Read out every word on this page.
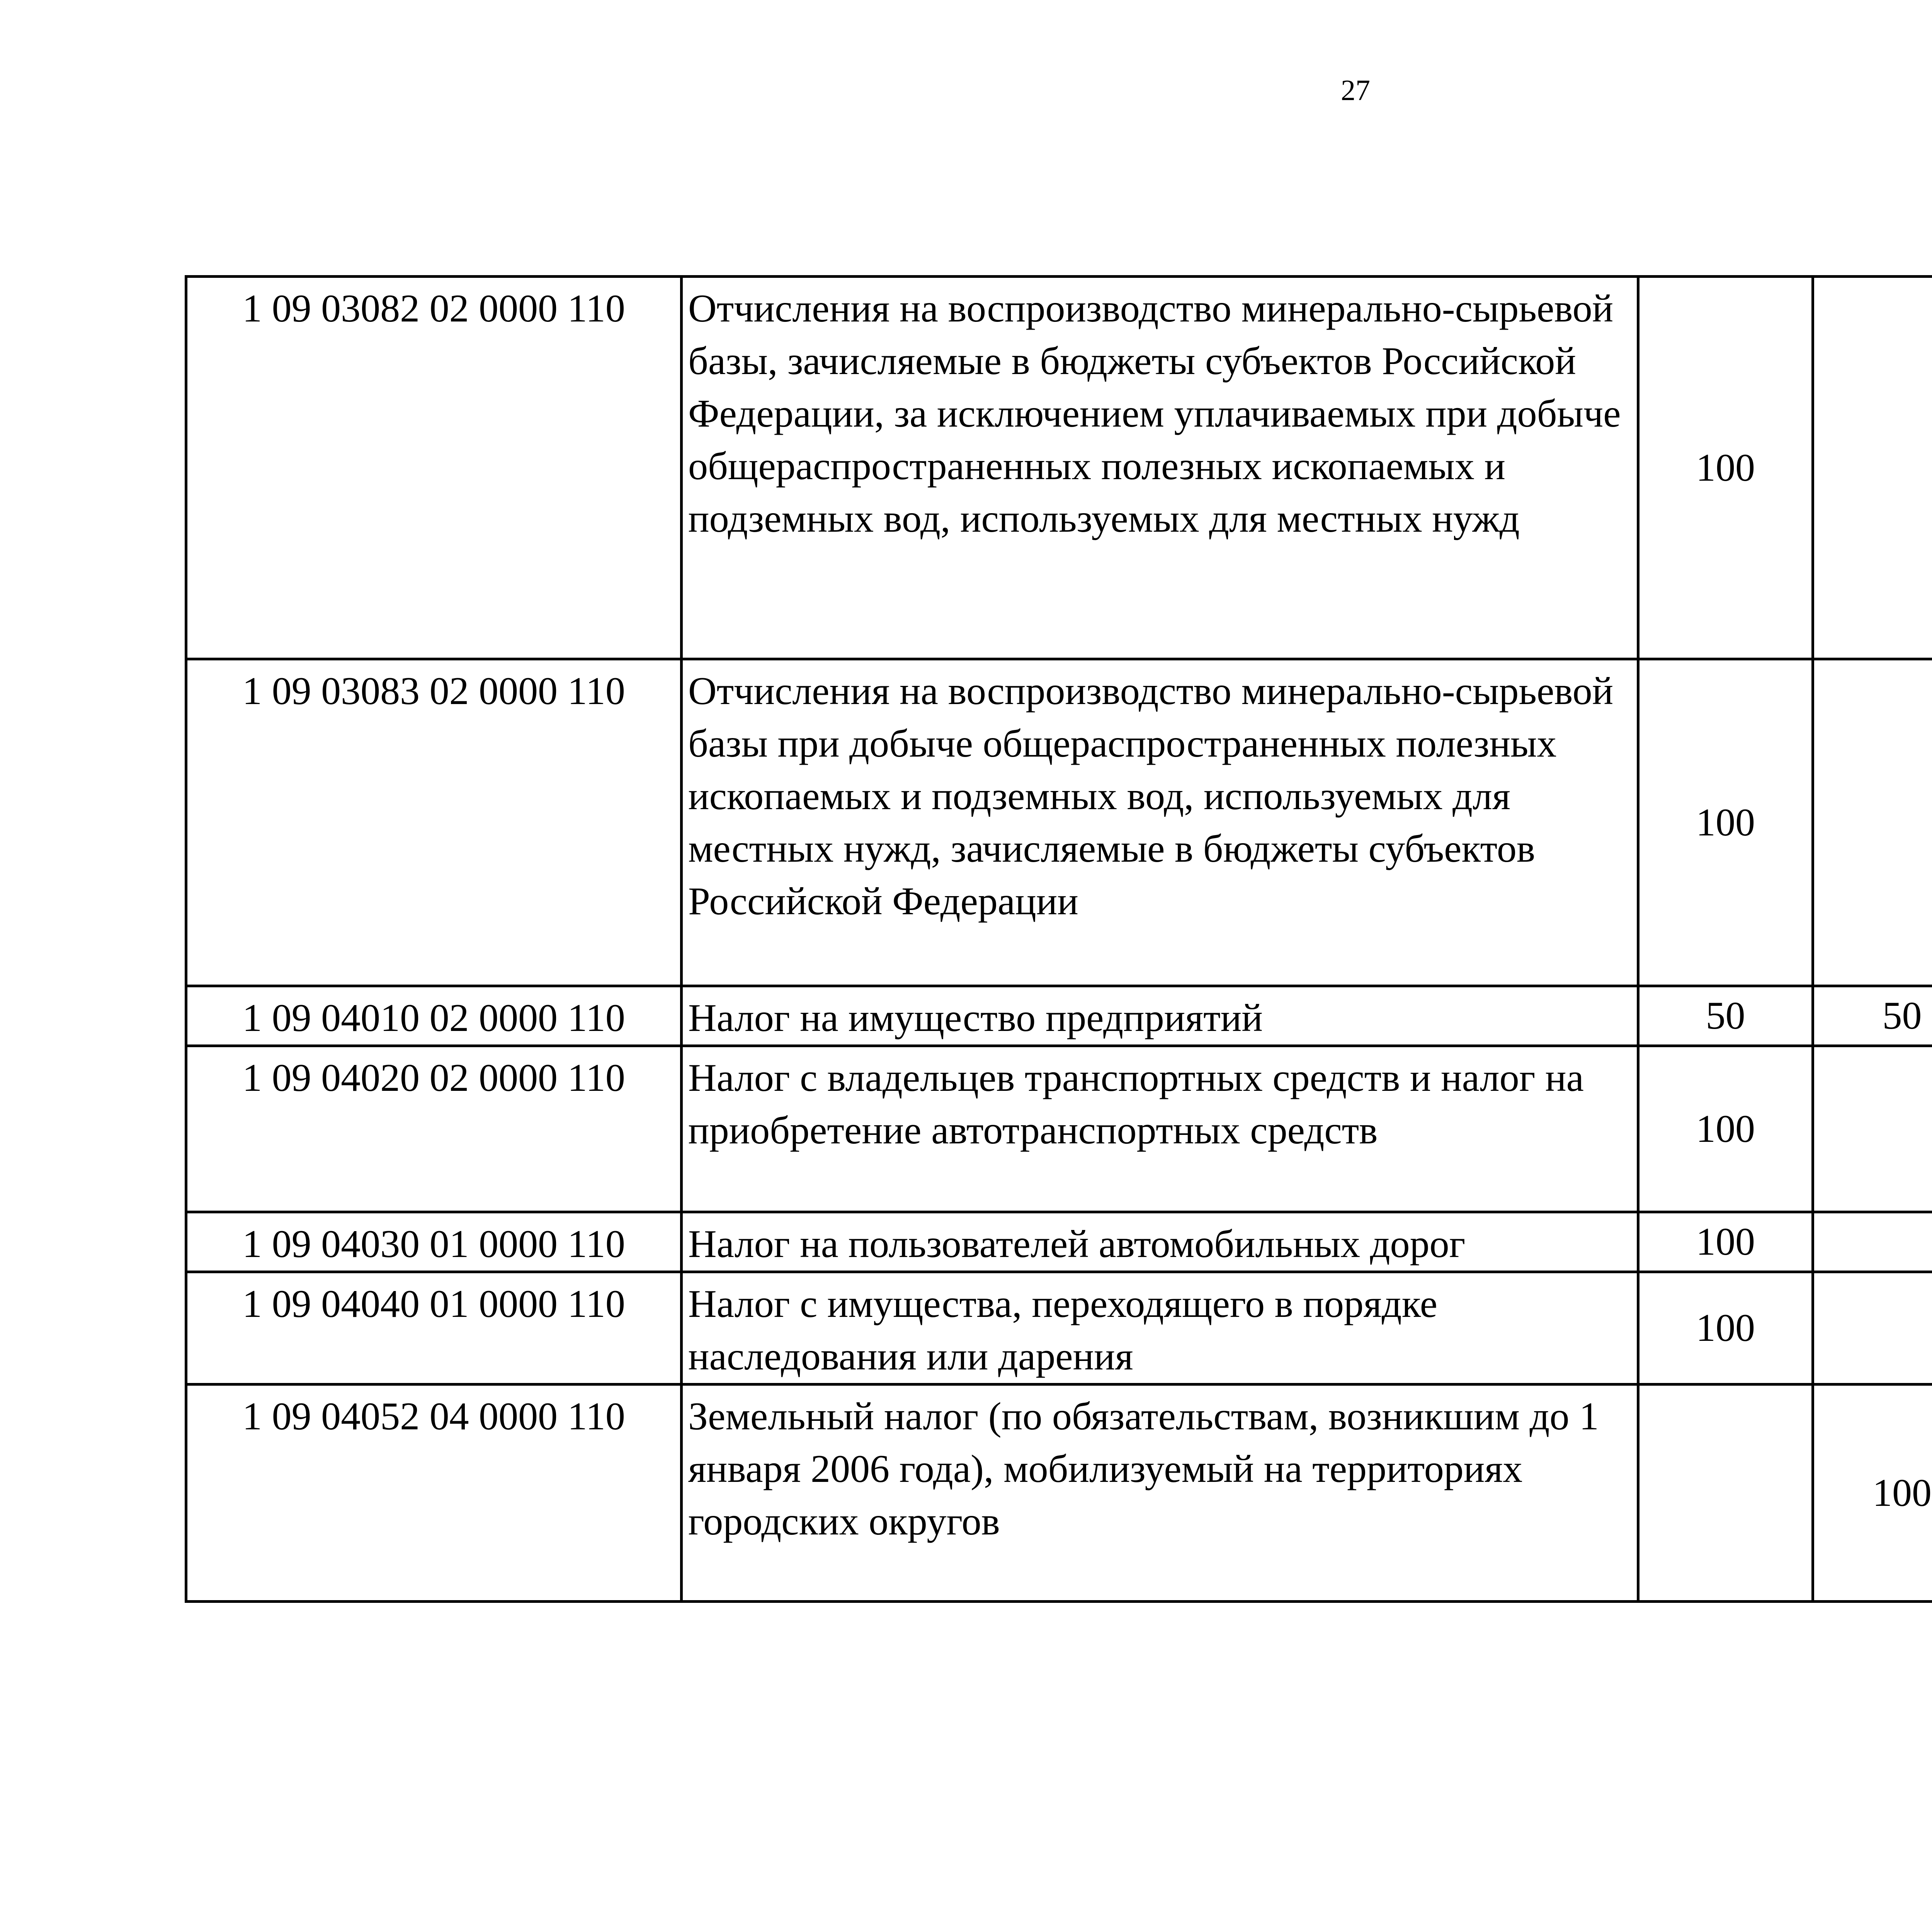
27
1 09 03082 02 0000 110	Отчисления на воспроизводство минерально-сырьевой базы, зачисляемые в бюджеты субъектов Российской Федерации, за исключением уплачиваемых при добыче общераспространенных полезных ископаемых и подземных вод, используемых для местных нужд	100				
1 09 03083 02 0000 110	Отчисления на воспроизводство минерально-сырьевой базы при добыче общераспространенных полезных ископаемых и подземных вод, используемых для местных нужд, зачисляемые в бюджеты субъектов Российской Федерации	100				
1 09 04010 02 0000 110	Налог на имущество предприятий	50	50			
1 09 04020 02 0000 110	Налог с владельцев транспортных средств и налог на приобретение автотранспортных средств	100				
1 09 04030 01 0000 110	Налог на пользователей автомобильных дорог	100				
1 09 04040 01 0000 110	Налог с имущества, переходящего в порядке наследования или дарения	100				
1 09 04052 04 0000 110	Земельный налог (по обязательствам, возникшим до 1 января 2006 года), мобилизуемый на территориях городских округов		100			
